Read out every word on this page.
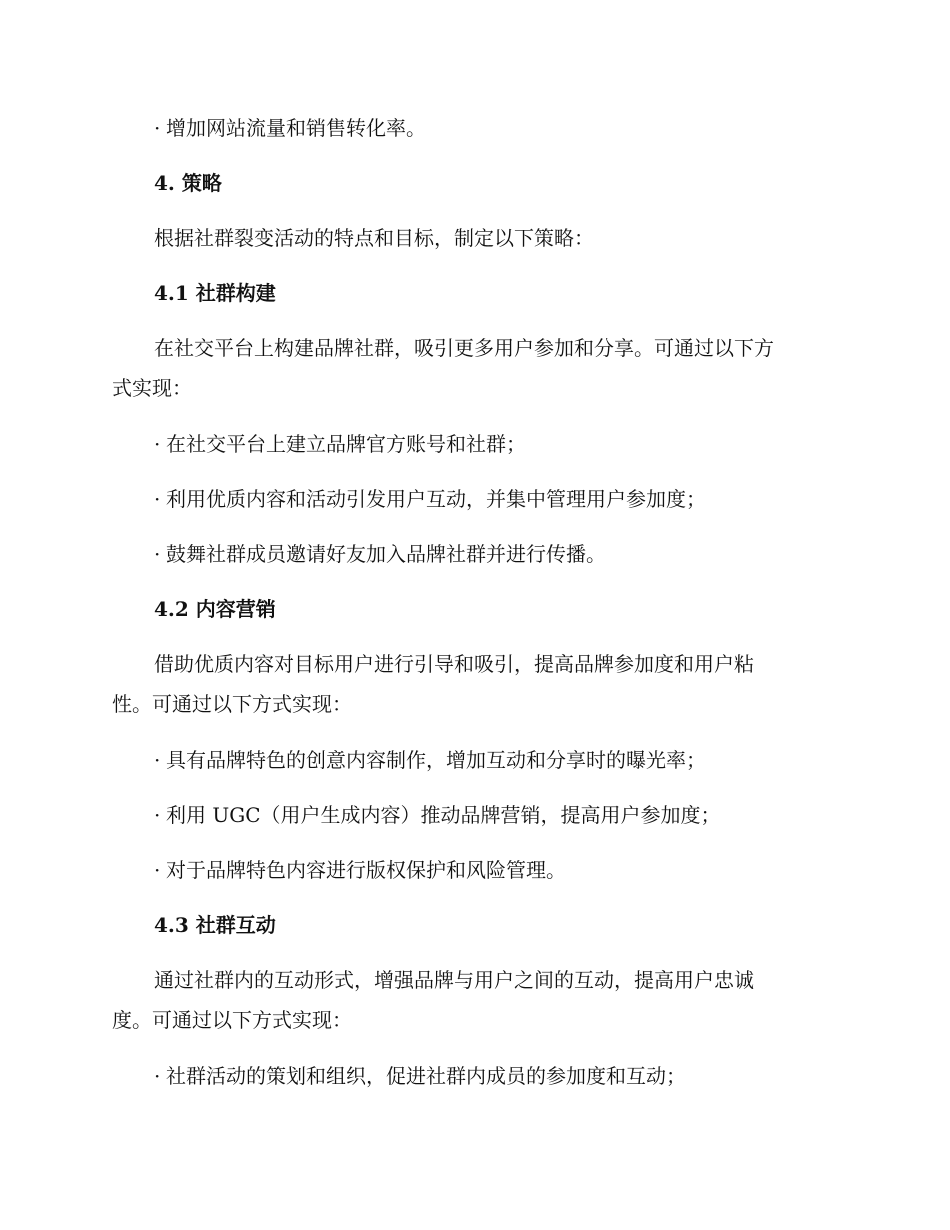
· 增加网站流量和销售转化率。
4. 策略
根据社群裂变活动的特点和目标，制定以下策略：
4.1 社群构建
在社交平台上构建品牌社群，吸引更多用户参加和分享。可通过以下方
式实现：
· 在社交平台上建立品牌官方账号和社群；
· 利用优质内容和活动引发用户互动，并集中管理用户参加度；
· 鼓舞社群成员邀请好友加入品牌社群并进行传播。
4.2 内容营销
借助优质内容对目标用户进行引导和吸引，提高品牌参加度和用户粘
性。可通过以下方式实现：
· 具有品牌特色的创意内容制作，增加互动和分享时的曝光率；
· 利用 UGC（用户生成内容）推动品牌营销，提高用户参加度；
· 对于品牌特色内容进行版权保护和风险管理。
4.3 社群互动
通过社群内的互动形式，增强品牌与用户之间的互动，提高用户忠诚
度。可通过以下方式实现：
· 社群活动的策划和组织，促进社群内成员的参加度和互动；
